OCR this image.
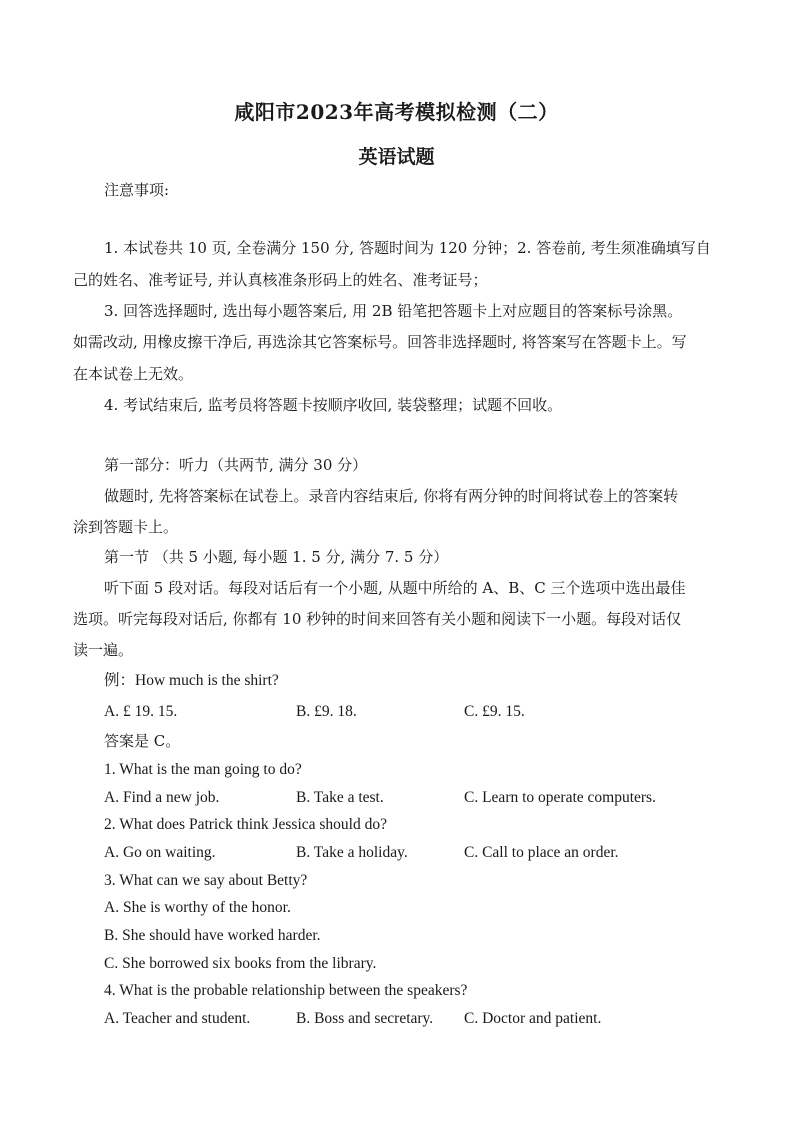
咸阳市2023年高考模拟检测（二）
英语试题
注意事项:
1. 本试卷共 10 页, 全卷满分 150 分, 答题时间为 120 分钟；2. 答卷前, 考生须准确填写自
己的姓名、准考证号, 并认真核准条形码上的姓名、准考证号；
3. 回答选择题时, 选出每小题答案后, 用 2B 铅笔把答题卡上对应题目的答案标号涂黑。
如需改动, 用橡皮擦干净后, 再选涂其它答案标号。回答非选择题时, 将答案写在答题卡上。写
在本试卷上无效。
4. 考试结束后, 监考员将答题卡按顺序收回, 装袋整理；试题不回收。
第一部分：听力（共两节, 满分 30 分）
做题时, 先将答案标在试卷上。录音内容结束后, 你将有两分钟的时间将试卷上的答案转
涂到答题卡上。
第一节 （共 5 小题, 每小题 1. 5 分, 满分 7. 5 分）
听下面 5 段对话。每段对话后有一个小题, 从题中所给的 A、B、C 三个选项中选出最佳
选项。听完每段对话后, 你都有 10 秒钟的时间来回答有关小题和阅读下一小题。每段对话仅
读一遍。
例：How much is the shirt?
A. £ 19. 15.	B. £9. 18.	C. £9. 15.
答案是 C。
1. What is the man going to do?
A. Find a new job.	B. Take a test.	C. Learn to operate computers.
2. What does Patrick think Jessica should do?
A. Go on waiting.	B. Take a holiday.	C. Call to place an order.
3. What can we say about Betty?
A. She is worthy of the honor.
B. She should have worked harder.
C. She borrowed six books from the library.
4. What is the probable relationship between the speakers?
A. Teacher and student.	B. Boss and secretary. C. Doctor and patient.
